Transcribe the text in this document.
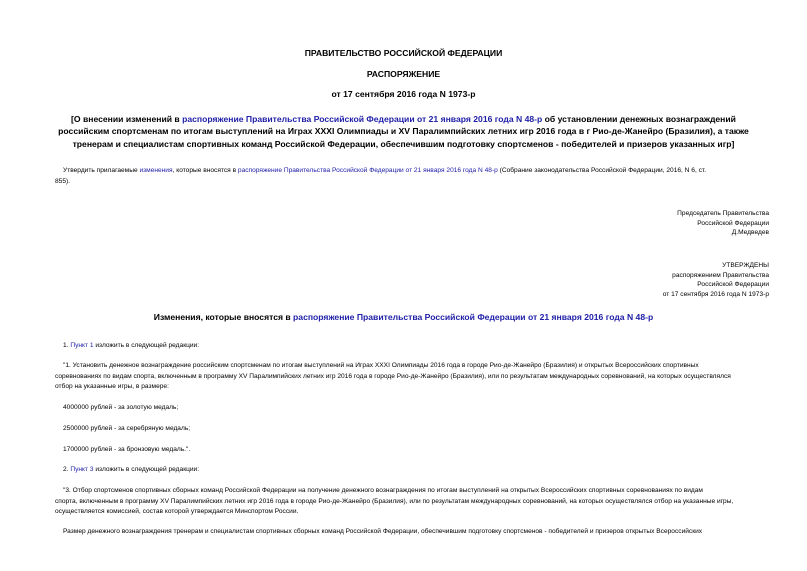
ПРАВИТЕЛЬСТВО РОССИЙСКОЙ ФЕДЕРАЦИИ
РАСПОРЯЖЕНИЕ
от 17 сентября 2016 года N 1973-р
[О внесении изменений в распоряжение Правительства Российской Федерации от 21 января 2016 года N 48-р об установлении денежных вознаграждений
российским спортсменам по итогам выступлений на Играх XXXI Олимпиады и XV Паралимпийских летних игр 2016 года в г Рио-де-Жанейро (Бразилия), а также
тренерам и специалистам спортивных команд Российской Федерации, обеспечившим подготовку спортсменов - победителей и призеров указанных игр]
Утвердить прилагаемые изменения, которые вносятся в распоряжение Правительства Российской Федерации от 21 января 2016 года N 48-р (Собрание законодательства Российской Федерации, 2016, N 6, ст.
855).
Председатель Правительства
Российской Федерации
Д.Медведев
УТВЕРЖДЕНЫ
распоряжением Правительства
Российской Федерации
от 17 сентября 2016 года N 1973-р
Изменения, которые вносятся в распоряжение Правительства Российской Федерации от 21 января 2016 года N 48-р
1. Пункт 1 изложить в следующей редакции:
"1. Установить денежное вознаграждение российским спортсменам по итогам выступлений на Играх XXXI Олимпиады 2016 года в городе Рио-де-Жанейро (Бразилия) и открытых Всероссийских спортивных
соревнованиях по видам спорта, включенным в программу XV Паралимпийских летних игр 2016 года в городе Рио-де-Жанейро (Бразилия), или по результатам международных соревнований, на которых осуществлялся
отбор на указанные игры, в размере:
4000000 рублей - за золотую медаль;
2500000 рублей - за серебряную медаль;
1700000 рублей - за бронзовую медаль.".
2. Пункт 3 изложить в следующей редакции:
"3. Отбор спортсменов спортивных сборных команд Российской Федерации на получение денежного вознаграждения по итогам выступлений на открытых Всероссийских спортивных соревнованиях по видам
спорта, включенным в программу XV Паралимпийских летних игр 2016 года в городе Рио-де-Жанейро (Бразилия), или по результатам международных соревнований, на которых осуществлялся отбор на указанные игры,
осуществляется комиссией, состав которой утверждается Минспортом России.
Размер денежного вознаграждения тренерам и специалистам спортивных сборных команд Российской Федерации, обеспечившим подготовку спортсменов - победителей и призеров открытых Всероссийских
